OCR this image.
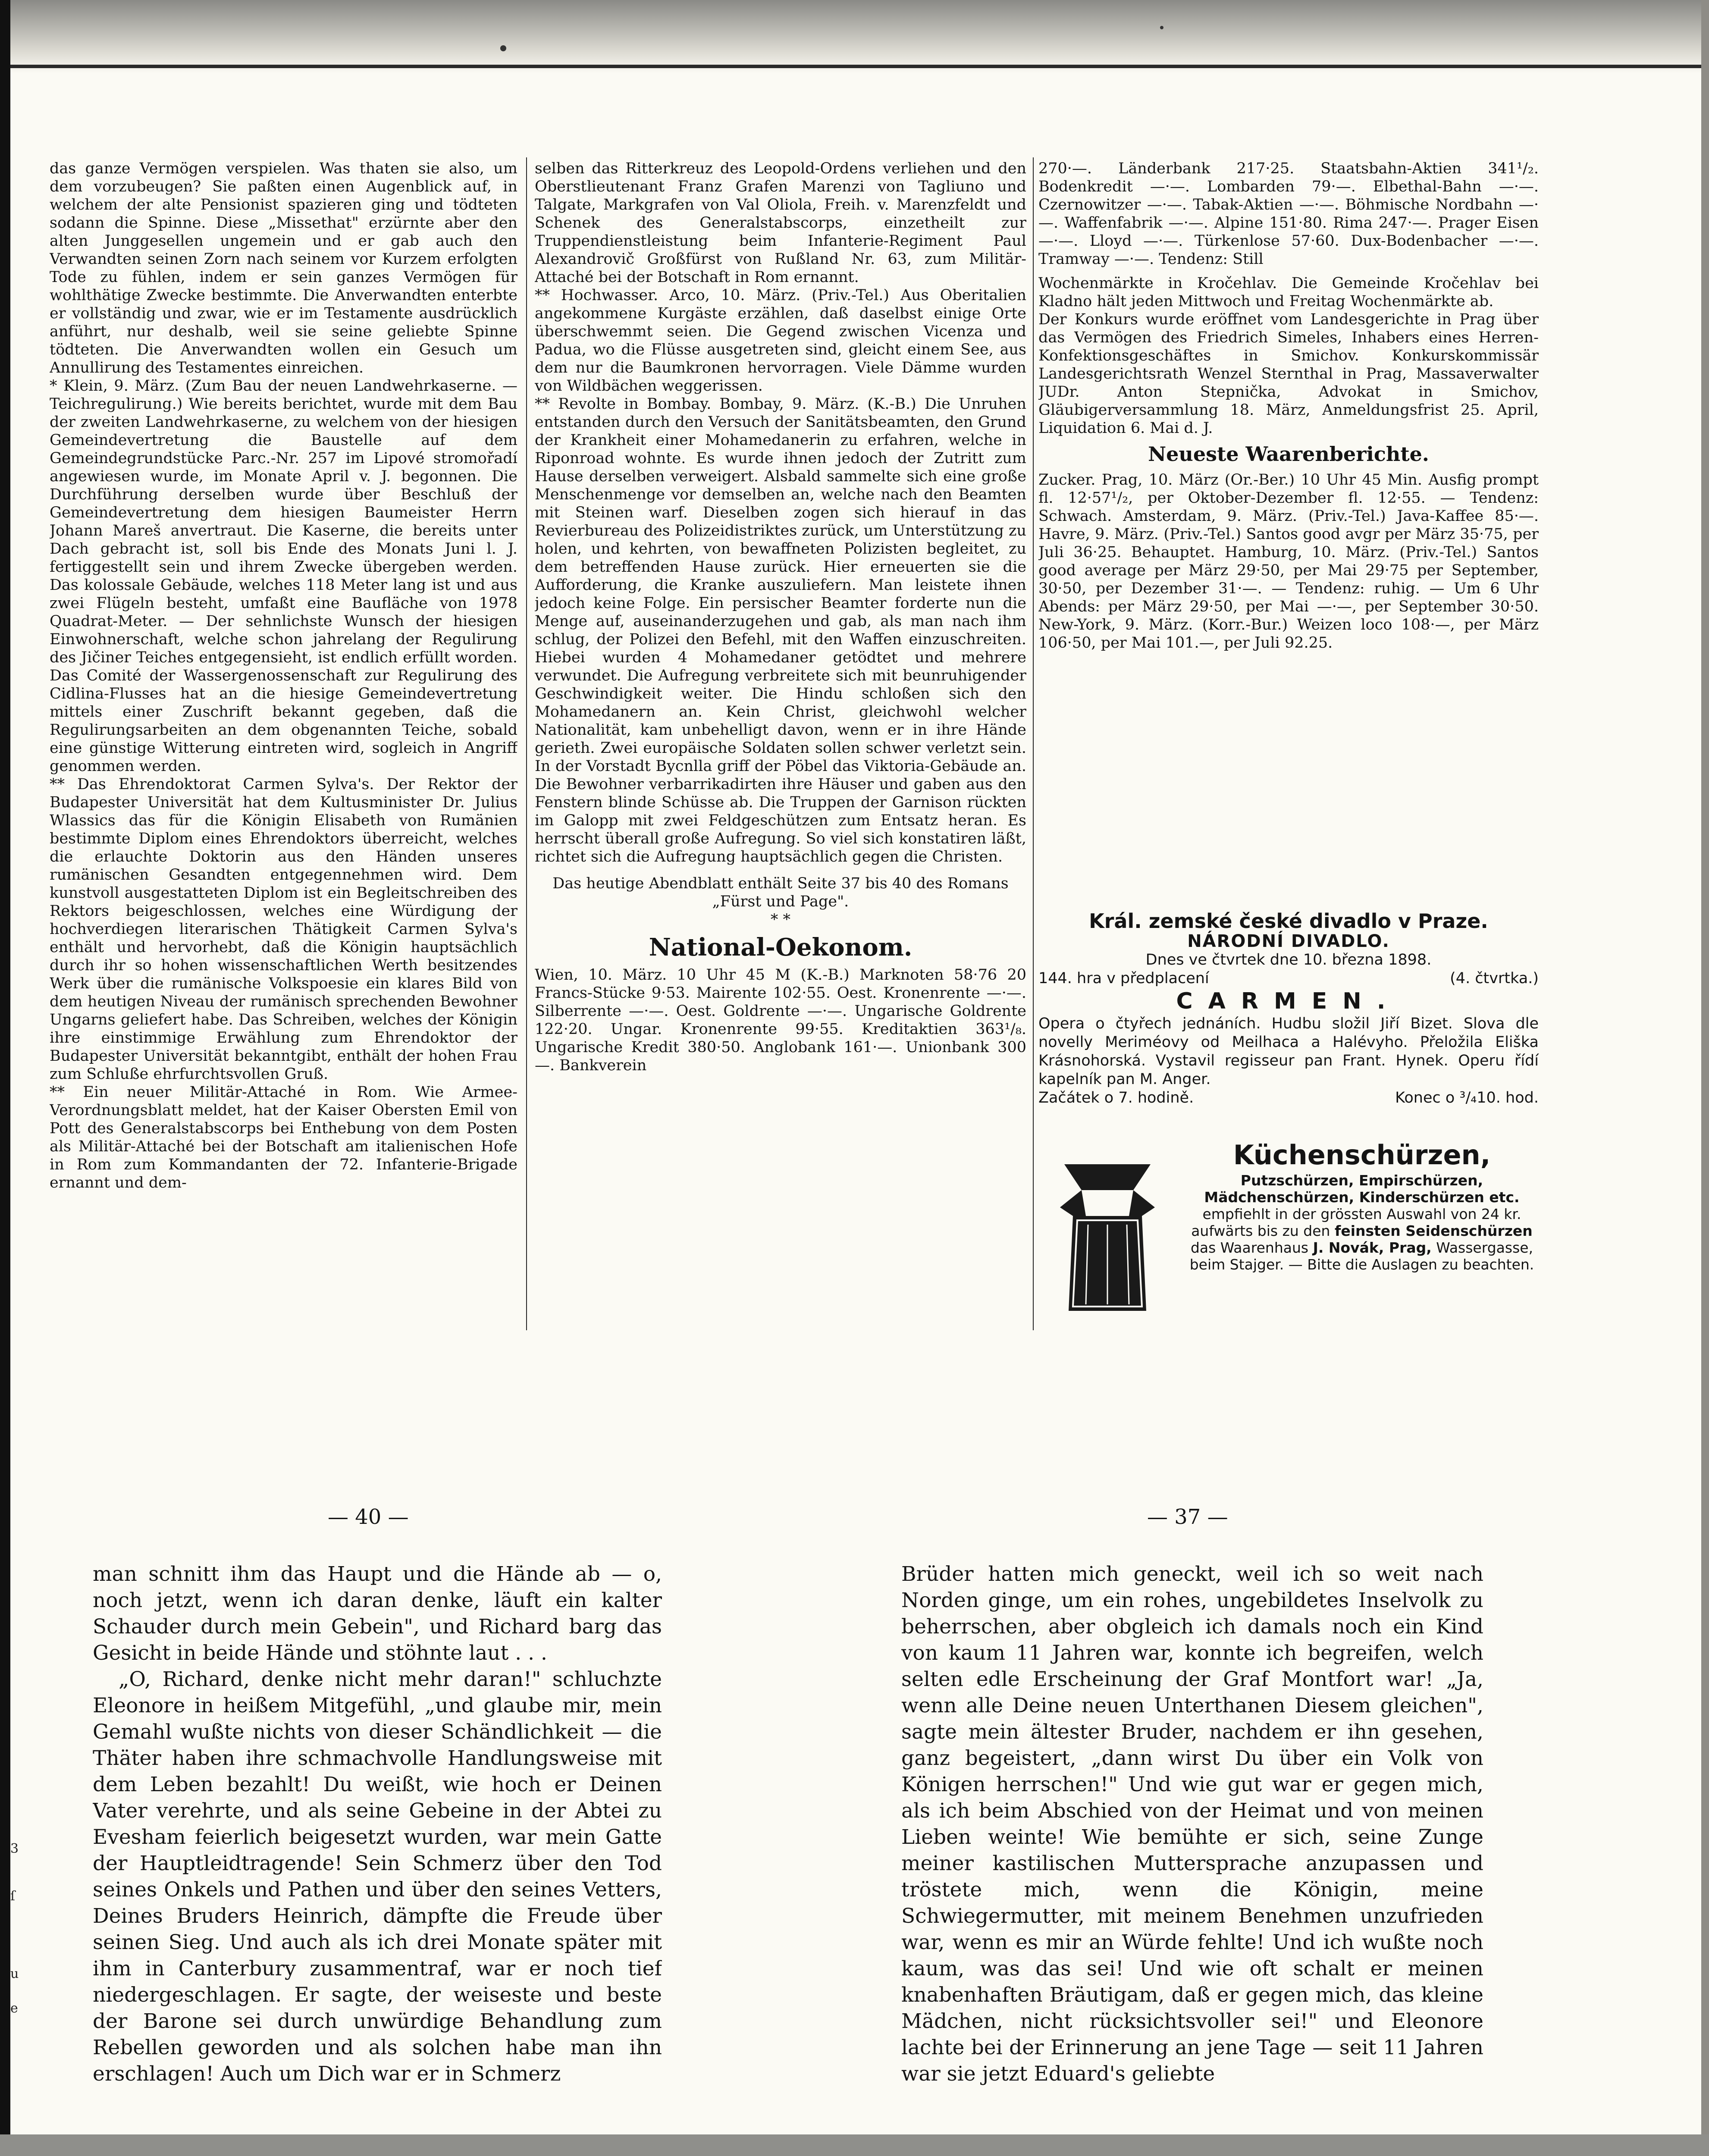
das ganze Vermögen verspielen. Was thaten sie also, um dem vorzubeugen? Sie paßten einen Augenblick auf, in welchem der alte Pensionist spazieren ging und tödteten sodann die Spinne. Diese „Missethat" erzürnte aber den alten Junggesellen ungemein und er gab auch den Verwandten seinen Zorn nach seinem vor Kurzem erfolgten Tode zu fühlen, indem er sein ganzes Vermögen für wohlthätige Zwecke bestimmte. Die Anverwandten enterbte er vollständig und zwar, wie er im Testamente ausdrücklich anführt, nur deshalb, weil sie seine geliebte Spinne tödteten. Die Anverwandten wollen ein Gesuch um Annullirung des Testamentes einreichen.

* Klein, 9. März. (Zum Bau der neuen Landwehrkaserne. — Teichregulirung.) Wie bereits berichtet, wurde mit dem Bau der zweiten Landwehrkaserne, zu welchem von der hiesigen Gemeindevertretung die Baustelle auf dem Gemeindegrundstücke Parc.-Nr. 257 im Lipové stromořadí angewiesen wurde, im Monate April v. J. begonnen. Die Durchführung derselben wurde über Beschluß der Gemeindevertretung dem hiesigen Baumeister Herrn Johann Mareš anvertraut. Die Kaserne, die bereits unter Dach gebracht ist, soll bis Ende des Monats Juni l. J. fertiggestellt sein und ihrem Zwecke übergeben werden. Das kolossale Gebäude, welches 118 Meter lang ist und aus zwei Flügeln besteht, umfaßt eine Baufläche von 1978 Quadrat-Meter. — Der sehnlichste Wunsch der hiesigen Einwohnerschaft, welche schon jahrelang der Regulirung des Jičiner Teiches entgegensieht, ist endlich erfüllt worden. Das Comité der Wassergenossenschaft zur Regulirung des Cidlina-Flusses hat an die hiesige Gemeindevertretung mittels einer Zuschrift bekannt gegeben, daß die Regulirungsarbeiten an dem obgenannten Teiche, sobald eine günstige Witterung eintreten wird, sogleich in Angriff genommen werden.

** Das Ehrendoktorat Carmen Sylva's. Der Rektor der Budapester Universität hat dem Kultusminister Dr. Julius Wlassics das für die Königin Elisabeth von Rumänien bestimmte Diplom eines Ehrendoktors überreicht, welches die erlauchte Doktorin aus den Händen unseres rumänischen Gesandten entgegennehmen wird. Dem kunstvoll ausgestatteten Diplom ist ein Begleitschreiben des Rektors beigeschlossen, welches eine Würdigung der hochverdiegen literarischen Thätigkeit Carmen Sylva's enthält und hervorhebt, daß die Königin hauptsächlich durch ihr so hohen wissenschaftlichen Werth besitzendes Werk über die rumänische Volkspoesie ein klares Bild von dem heutigen Niveau der rumänisch sprechenden Bewohner Ungarns geliefert habe. Das Schreiben, welches der Königin ihre einstimmige Erwählung zum Ehrendoktor der Budapester Universität bekanntgibt, enthält der hohen Frau zum Schluße ehrfurchtsvollen Gruß.

** Ein neuer Militär-Attaché in Rom. Wie Armee-Verordnungsblatt meldet, hat der Kaiser Obersten Emil von Pott des Generalstabscorps bei Enthebung von dem Posten als Militär-Attaché bei der Botschaft am italienischen Hofe in Rom zum Kommandanten der 72. Infanterie-Brigade ernannt und dem-

selben das Ritterkreuz des Leopold-Ordens verliehen und den Oberstlieutenant Franz Grafen Marenzi von Tagliuno und Talgate, Markgrafen von Val Oliola, Freih. v. Marenzfeldt und Schenek des Generalstabscorps, einzetheilt zur Truppendienstleistung beim Infanterie-Regiment Paul Alexandrovič Großfürst von Rußland Nr. 63, zum Militär-Attaché bei der Botschaft in Rom ernannt.

** Hochwasser. Arco, 10. März. (Priv.-Tel.) Aus Oberitalien angekommene Kurgäste erzählen, daß daselbst einige Orte überschwemmt seien. Die Gegend zwischen Vicenza und Padua, wo die Flüsse ausgetreten sind, gleicht einem See, aus dem nur die Baumkronen hervorragen. Viele Dämme wurden von Wildbächen weggerissen.

** Revolte in Bombay. Bombay, 9. März. (K.-B.) Die Unruhen entstanden durch den Versuch der Sanitätsbeamten, den Grund der Krankheit einer Mohamedanerin zu erfahren, welche in Riponroad wohnte. Es wurde ihnen jedoch der Zutritt zum Hause derselben verweigert. Alsbald sammelte sich eine große Menschenmenge vor demselben an, welche nach den Beamten mit Steinen warf. Dieselben zogen sich hierauf in das Revierbureau des Polizeidistriktes zurück, um Unterstützung zu holen, und kehrten, von bewaffneten Polizisten begleitet, zu dem betreffenden Hause zurück. Hier erneuerten sie die Aufforderung, die Kranke auszuliefern. Man leistete ihnen jedoch keine Folge. Ein persischer Beamter forderte nun die Menge auf, auseinanderzugehen und gab, als man nach ihm schlug, der Polizei den Befehl, mit den Waffen einzuschreiten. Hiebei wurden 4 Mohamedaner getödtet und mehrere verwundet. Die Aufregung verbreitete sich mit beunruhigender Geschwindigkeit weiter. Die Hindu schloßen sich den Mohamedanern an. Kein Christ, gleichwohl welcher Nationalität, kam unbehelligt davon, wenn er in ihre Hände gerieth. Zwei europäische Soldaten sollen schwer verletzt sein. In der Vorstadt Bycnlla griff der Pöbel das Viktoria-Gebäude an. Die Bewohner verbarrikadirten ihre Häuser und gaben aus den Fenstern blinde Schüsse ab. Die Truppen der Garnison rückten im Galopp mit zwei Feldgeschützen zum Entsatz heran. Es herrscht überall große Aufregung. So viel sich konstatiren läßt, richtet sich die Aufregung hauptsächlich gegen die Christen.

Das heutige Abendblatt enthält Seite 37 bis 40 des Romans „Fürst und Page".

* *

National-Oekonom.

Wien, 10. März. 10 Uhr 45 M (K.-B.) Marknoten 58·76 20 Francs-Stücke 9·53. Mairente 102·55. Oest. Kronenrente —·—. Silberrente —·—. Oest. Goldrente —·—. Ungarische Goldrente 122·20. Ungar. Kronenrente 99·55. Kreditaktien 363¹/₈. Ungarische Kredit 380·50. Anglobank 161·—. Unionbank 300 —. Bankverein

270·—. Länderbank 217·25. Staatsbahn-Aktien 341¹/₂. Bodenkredit —·—. Lombarden 79·—. Elbethal-Bahn —·—. Czernowitzer —·—. Tabak-Aktien —·—. Böhmische Nordbahn —·—. Waffenfabrik —·—. Alpine 151·80. Rima 247·—. Prager Eisen —·—. Lloyd —·—. Türkenlose 57·60. Dux-Bodenbacher —·—. Tramway —·—. Tendenz: Still

Wochenmärkte in Kročehlav. Die Gemeinde Kročehlav bei Kladno hält jeden Mittwoch und Freitag Wochenmärkte ab.

Der Konkurs wurde eröffnet vom Landesgerichte in Prag über das Vermögen des Friedrich Simeles, Inhabers eines Herren-Konfektionsgeschäftes in Smichov. Konkurskommissär Landesgerichtsrath Wenzel Sternthal in Prag, Massaverwalter JUDr. Anton Stepnička, Advokat in Smichov, Gläubigerversammlung 18. März, Anmeldungsfrist 25. April, Liquidation 6. Mai d. J.

Neueste Waarenberichte.

Zucker. Prag, 10. März (Or.-Ber.) 10 Uhr 45 Min. Ausfig prompt fl. 12·57¹/₂, per Oktober-Dezember fl. 12·55. — Tendenz: Schwach. Amsterdam, 9. März. (Priv.-Tel.) Java-Kaffee 85·—. Havre, 9. März. (Priv.-Tel.) Santos good avgr per März 35·75, per Juli 36·25. Behauptet. Hamburg, 10. März. (Priv.-Tel.) Santos good average per März 29·50, per Mai 29·75 per September, 30·50, per Dezember 31·—. — Tendenz: ruhig. — Um 6 Uhr Abends: per März 29·50, per Mai —·—, per September 30·50. New-York, 9. März. (Korr.-Bur.) Weizen loco 108·—, per März 106·50, per Mai 101.—, per Juli 92.25.

Král. zemské české divadlo v Praze.

NÁRODNÍ DIVADLO.

Dnes ve čtvrtek dne 10. března 1898.

144. hra v předplacení	(4. čtvrtka.)

CARMEN.

Opera o čtyřech jednáních. Hudbu složil Jiří Bizet. Slova dle novelly Meriméovy od Meilhaca a Halévyho. Přeložila Eliška Krásnohorská. Vystavil regisseur pan Frant. Hynek. Operu řídí kapelník pan M. Anger.

Začátek o 7. hodině.	Konec o ³/₄10. hod.

Küchenschürzen,
Putzschürzen, Empirschürzen, Mädchenschürzen, Kinderschürzen etc.
empfiehlt in der grössten Auswahl von 24 kr. aufwärts bis zu den feinsten Seidenschürzen das Waarenhaus J. Novák, Prag, Wassergasse, beim Stajger. — Bitte die Auslagen zu beachten.
— 40 —	— 37 —

man schnitt ihm das Haupt und die Hände ab — o, noch jetzt, wenn ich daran denke, läuft ein kalter Schauder durch mein Gebein", und Richard barg das Gesicht in beide Hände und stöhnte laut . . .

„O, Richard, denke nicht mehr daran!" schluchzte Eleonore in heißem Mitgefühl, „und glaube mir, mein Gemahl wußte nichts von dieser Schändlichkeit — die Thäter haben ihre schmachvolle Handlungsweise mit dem Leben bezahlt! Du weißt, wie hoch er Deinen Vater verehrte, und als seine Gebeine in der Abtei zu Evesham feierlich beigesetzt wurden, war mein Gatte der Hauptleidtragende! Sein Schmerz über den Tod seines Onkels und Pathen und über den seines Vetters, Deines Bruders Heinrich, dämpfte die Freude über seinen Sieg. Und auch als ich drei Monate später mit ihm in Canterbury zusammentraf, war er noch tief niedergeschlagen. Er sagte, der weiseste und beste der Barone sei durch unwürdige Behandlung zum Rebellen geworden und als solchen habe man ihn erschlagen! Auch um Dich war er in Schmerz

Brüder hatten mich geneckt, weil ich so weit nach Norden ginge, um ein rohes, ungebildetes Inselvolk zu beherrschen, aber obgleich ich damals noch ein Kind von kaum 11 Jahren war, konnte ich begreifen, welch selten edle Erscheinung der Graf Montfort war! „Ja, wenn alle Deine neuen Unterthanen Diesem gleichen", sagte mein ältester Bruder, nachdem er ihn gesehen, ganz begeistert, „dann wirst Du über ein Volk von Königen herrschen!" Und wie gut war er gegen mich, als ich beim Abschied von der Heimat und von meinen Lieben weinte! Wie bemühte er sich, seine Zunge meiner kastilischen Muttersprache anzupassen und tröstete mich, wenn die Königin, meine Schwiegermutter, mit meinem Benehmen unzufrieden war, wenn es mir an Würde fehlte! Und ich wußte noch kaum, was das sei! Und wie oft schalt er meinen knabenhaften Bräutigam, daß er gegen mich, das kleine Mädchen, nicht rücksichtsvoller sei!" und Eleonore lachte bei der Erinnerung an jene Tage — seit 11 Jahren war sie jetzt Eduard's geliebte

3
ſ
u
e
